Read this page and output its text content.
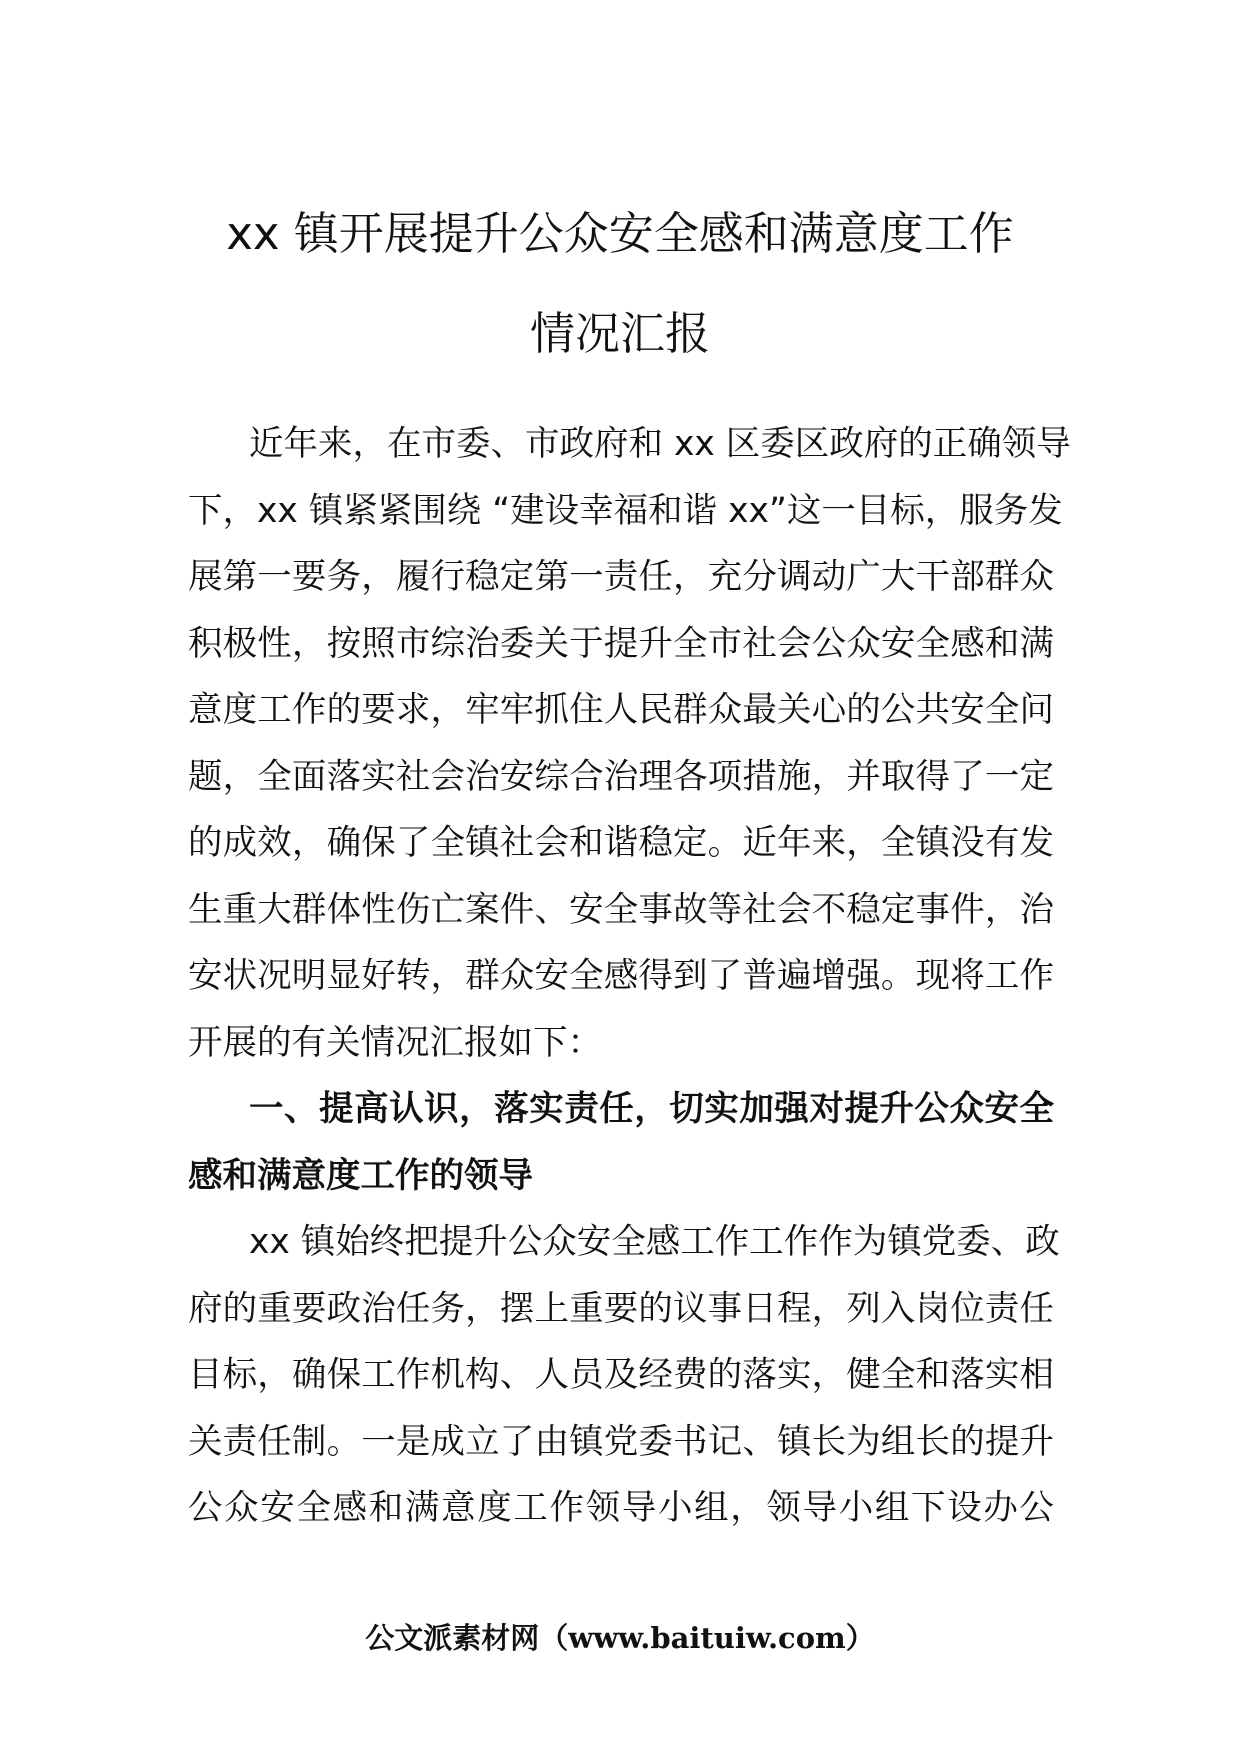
xx 镇开展提升公众安全感和满意度工作
情况汇报
近年来，在市委、市政府和 xx 区委区政府的正确领导
下，xx 镇紧紧围绕 “建设幸福和谐 xx”这一目标，服务发
展第一要务，履行稳定第一责任，充分调动广大干部群众
积极性，按照市综治委关于提升全市社会公众安全感和满
意度工作的要求，牢牢抓住人民群众最关心的公共安全问
题，全面落实社会治安综合治理各项措施，并取得了一定
的成效，确保了全镇社会和谐稳定。近年来，全镇没有发
生重大群体性伤亡案件、安全事故等社会不稳定事件，治
安状况明显好转，群众安全感得到了普遍增强。现将工作
开展的有关情况汇报如下：
一、提高认识，落实责任，切实加强对提升公众安全
感和满意度工作的领导
xx 镇始终把提升公众安全感工作工作作为镇党委、政
府的重要政治任务，摆上重要的议事日程，列入岗位责任
目标，确保工作机构、人员及经费的落实，健全和落实相
关责任制。一是成立了由镇党委书记、镇长为组长的提升
公众安全感和满意度工作领导小组，领导小组下设办公
公文派素材网（www.baituiw.com）
